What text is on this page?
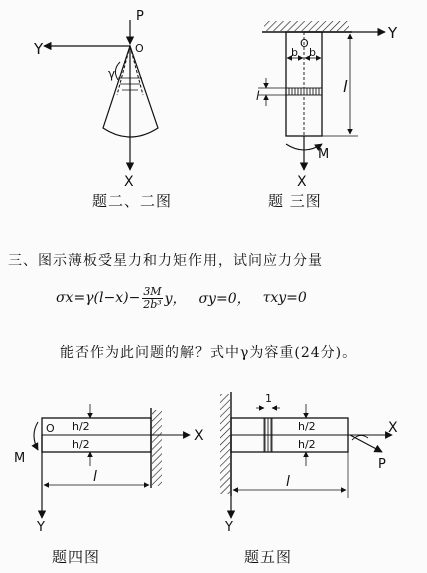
Y
P
O
γ
X
Y
O
b b
l	l
M
X
X
O h/2
h/2
M
l
Y
1
X
h/2
h/2
P
l
Y
题二、二图	题 三图
题四图	题五图
三、图示薄板受星力和力矩作用，试问应力分量
$\sigma x=\gamma(l-x)- \frac{3M}{\text{2b³}}$ y， σy=0， τxy=0
能否作为此问题的解？式中γ为容重(24分)。
